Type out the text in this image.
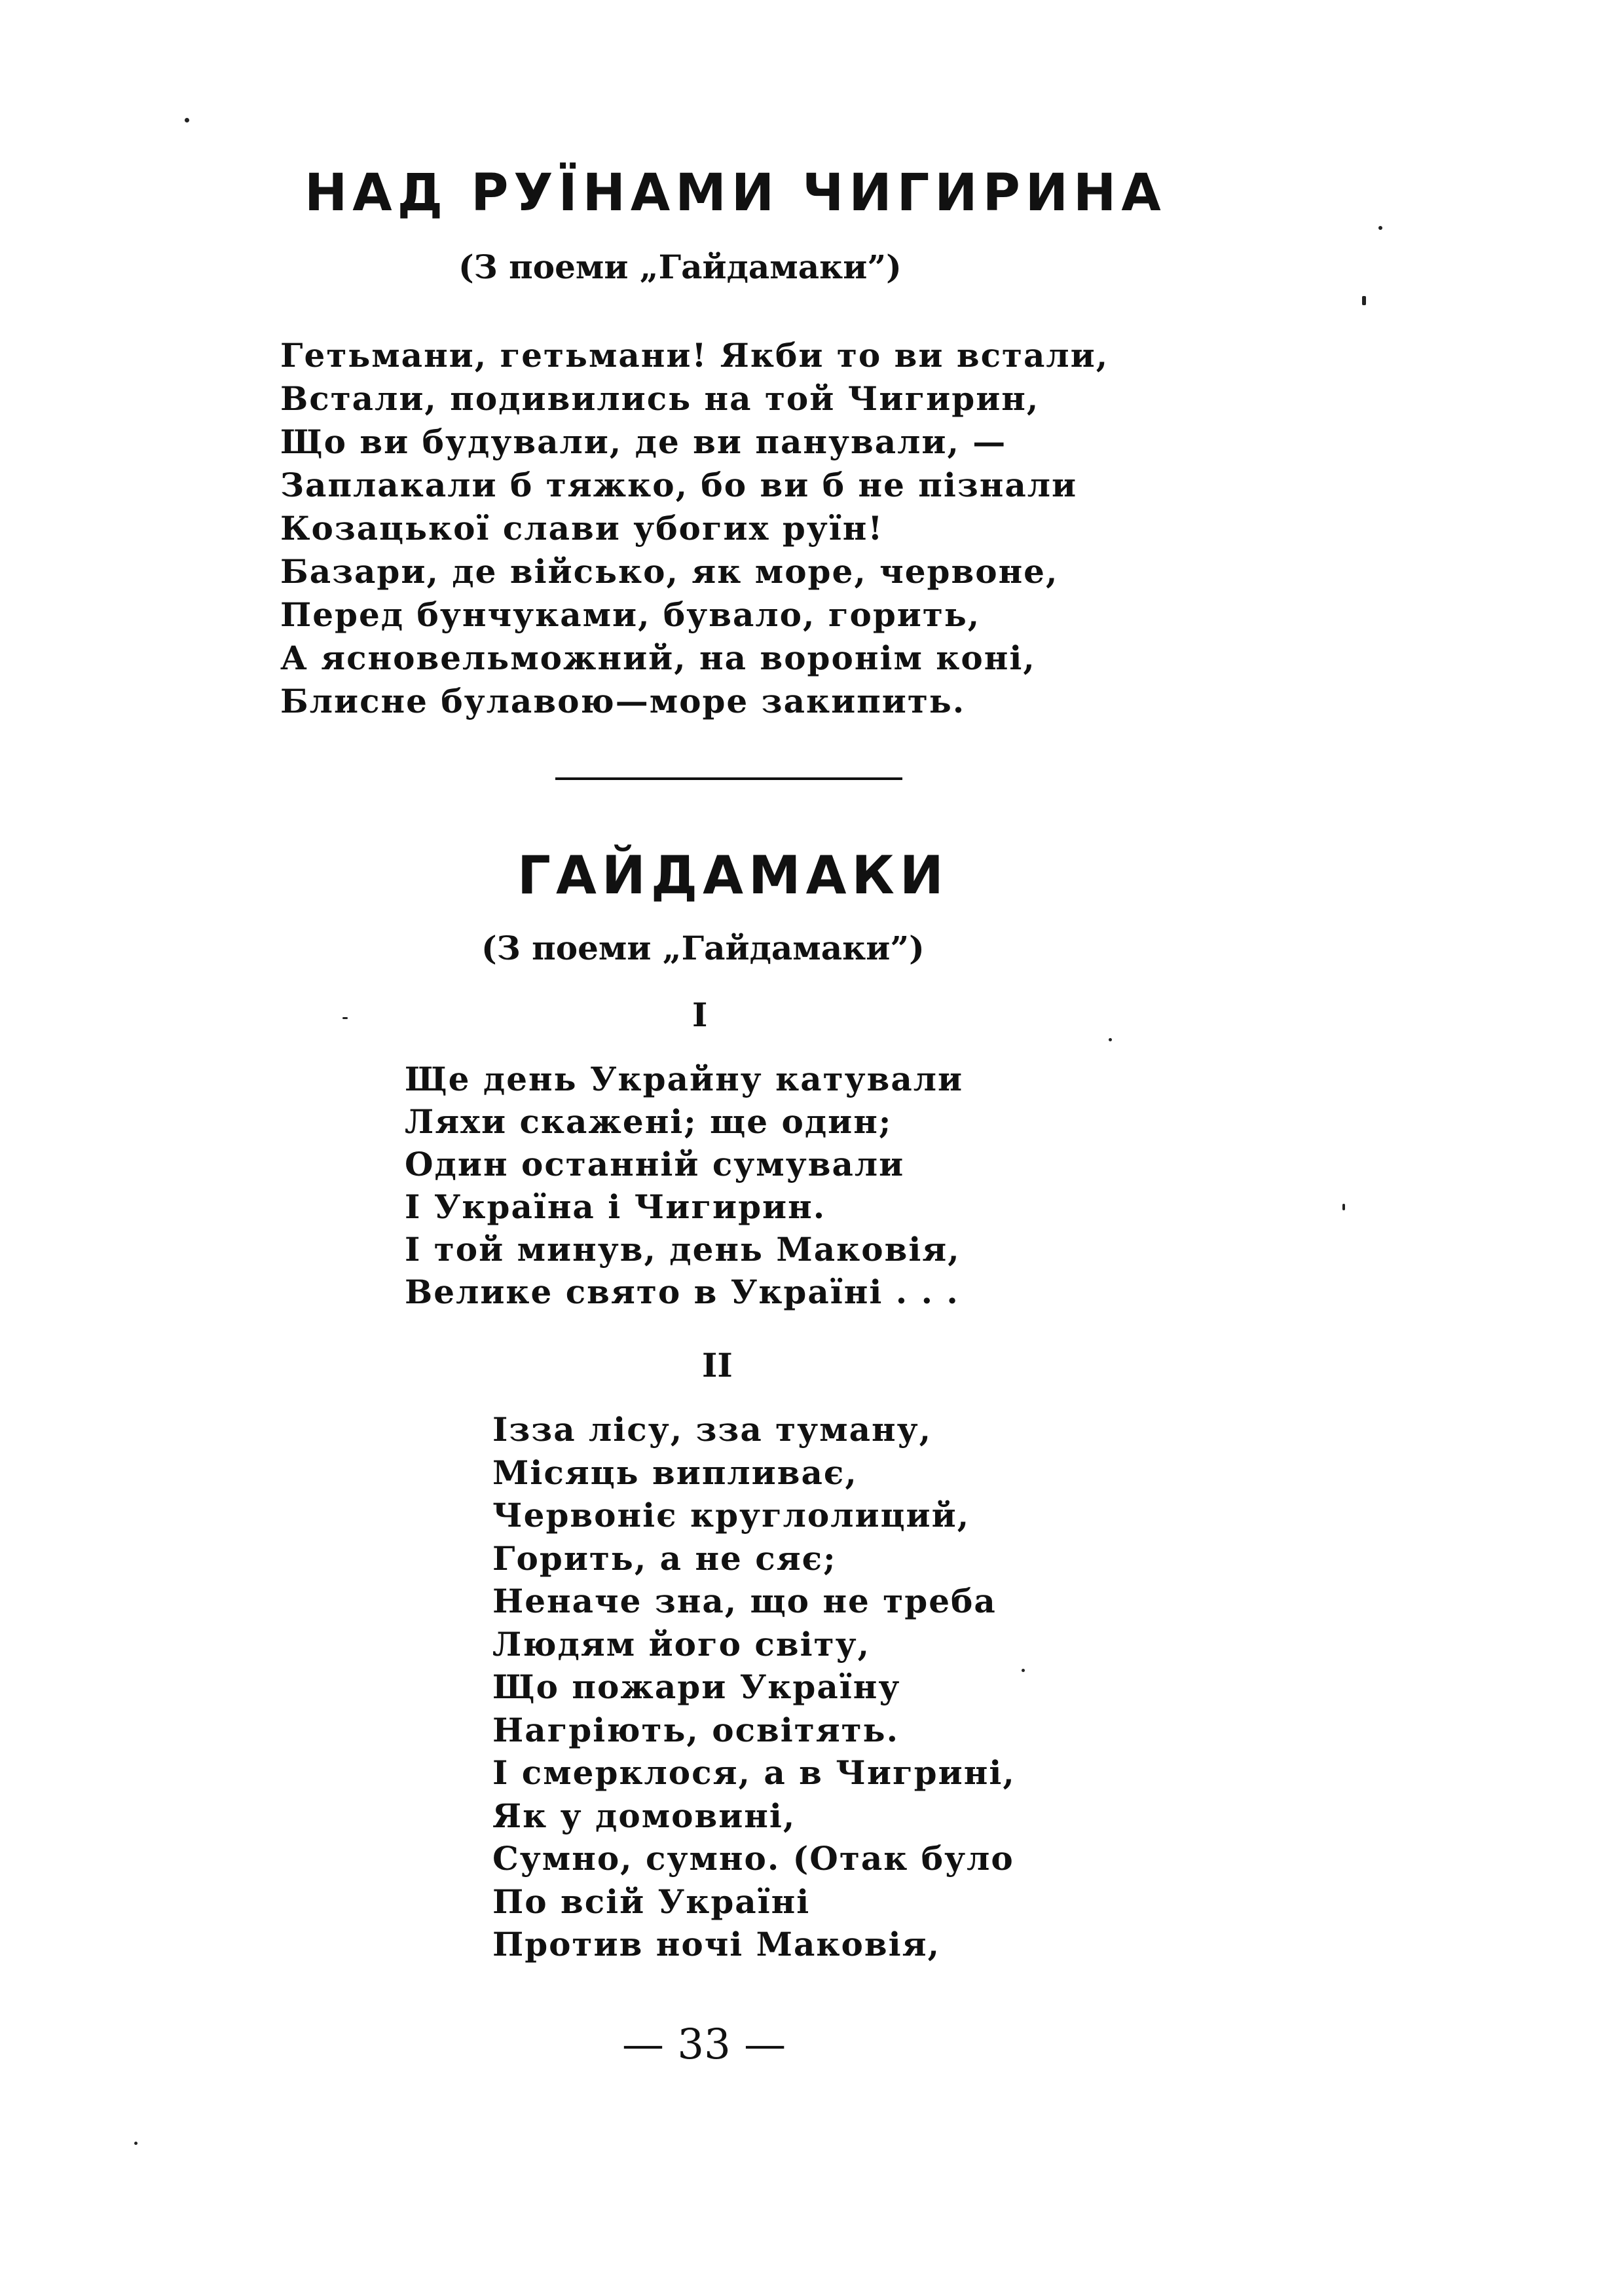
НАД РУЇНАМИ ЧИГИРИНА
(З поеми „Гайдамаки”)
Гетьмани, гетьмани! Якби то ви встали,
Встали, подивились на той Чигирин,
Що ви будували, де ви панували, —
Заплакали б тяжко, бо ви б не пізнали
Козацької слави убогих руїн!
Базари, де військо, як море, червоне,
Перед бунчуками, бувало, горить,
А ясновельможний, на воронім коні,
Блисне булавою—море закипить.
ГАЙДАМАКИ
(З поеми „Гайдамаки”)
І
Ще день Украйну катували
Ляхи скажені; ще один;
Один останній сумували
І Україна і Чигирин.
І той минув, день Маковія,
Велике свято в Україні . . .
ІІ
Ізза лісу, зза туману,
Місяць випливає,
Червоніє круглолиций,
Горить, а не сяє;
Неначе зна, що не треба
Людям його світу,
Що пожари Україну
Нагріють, освітять.
І смерклося, а в Чигрині,
Як у домовині,
Сумно, сумно. (Отак було
По всій Україні
Против ночі Маковія,
— 33 —
